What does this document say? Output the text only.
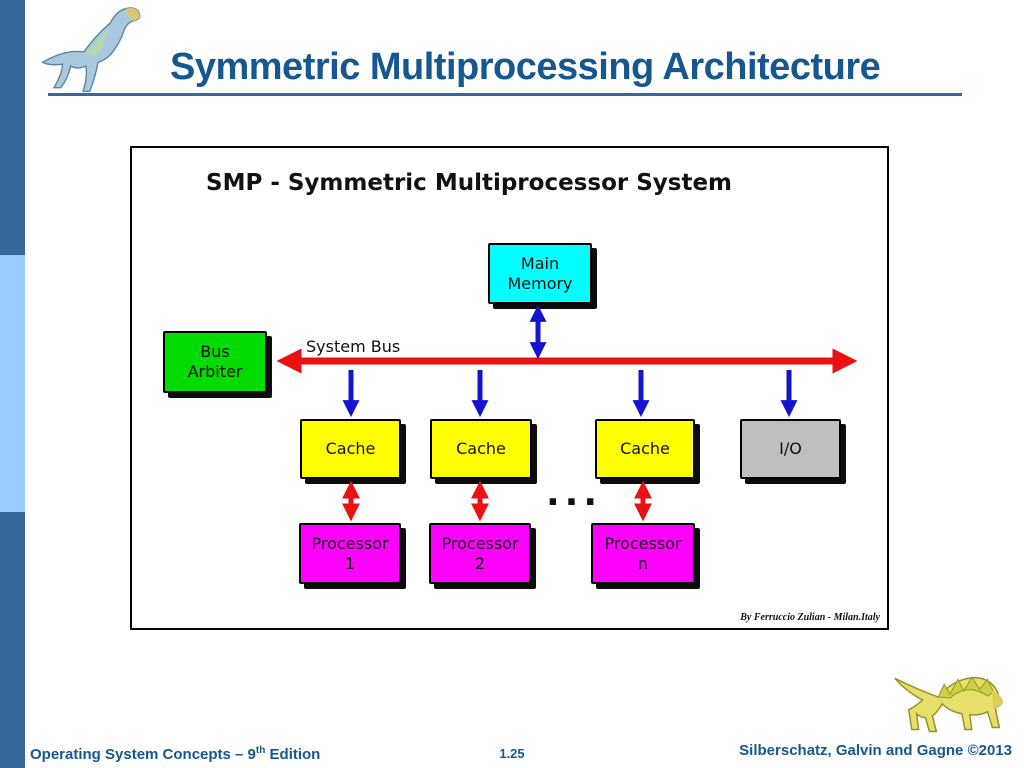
Symmetric Multiprocessing Architecture
SMP - Symmetric Multiprocessor System
Main
Memory
Bus
Arbiter
System Bus
Cache	Cache	Cache	I/O
Processor
1
Processor
2
Processor
n
...
By Ferruccio Zulian - Milan.Italy
Operating System Concepts – 9th Edition	1.25	Silberschatz, Galvin and Gagne ©2013
